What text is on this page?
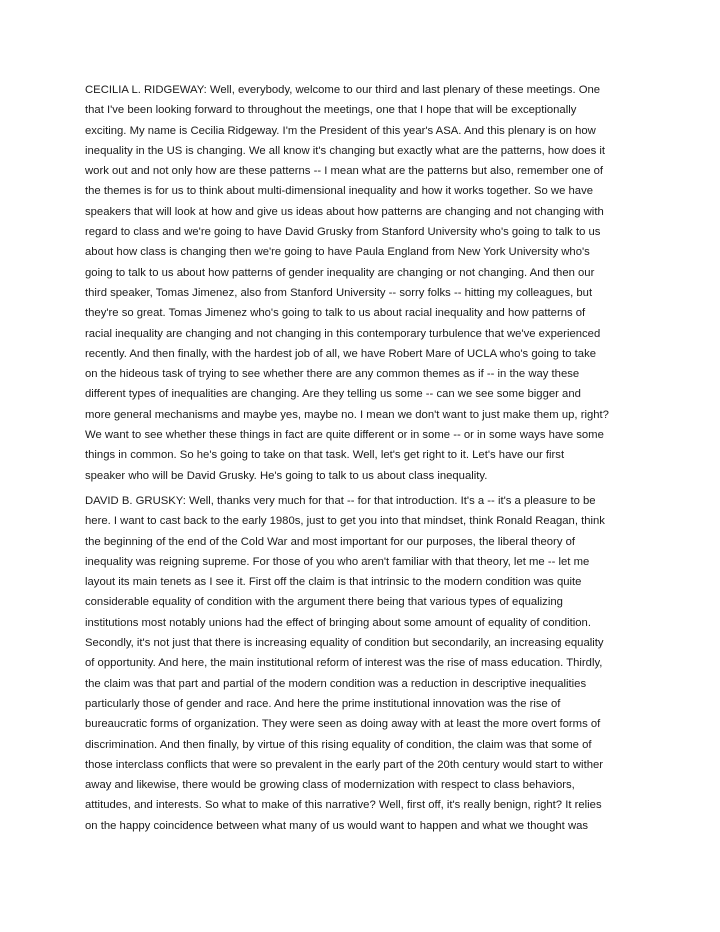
CECILIA L. RIDGEWAY: Well, everybody, welcome to our third and last plenary of these meetings. One
that I've been looking forward to throughout the meetings, one that I hope that will be exceptionally
exciting. My name is Cecilia Ridgeway. I'm the President of this year's ASA. And this plenary is on how
inequality in the US is changing. We all know it's changing but exactly what are the patterns, how does it
work out and not only how are these patterns -- I mean what are the patterns but also, remember one of
the themes is for us to think about multi-dimensional inequality and how it works together. So we have
speakers that will look at how and give us ideas about how patterns are changing and not changing with
regard to class and we're going to have David Grusky from Stanford University who's going to talk to us
about how class is changing then we're going to have Paula England from New York University who's
going to talk to us about how patterns of gender inequality are changing or not changing. And then our
third speaker, Tomas Jimenez, also from Stanford University -- sorry folks -- hitting my colleagues, but
they're so great. Tomas Jimenez who's going to talk to us about racial inequality and how patterns of
racial inequality are changing and not changing in this contemporary turbulence that we've experienced
recently. And then finally, with the hardest job of all, we have Robert Mare of UCLA who's going to take
on the hideous task of trying to see whether there are any common themes as if -- in the way these
different types of inequalities are changing. Are they telling us some -- can we see some bigger and
more general mechanisms and maybe yes, maybe no. I mean we don't want to just make them up, right?
We want to see whether these things in fact are quite different or in some -- or in some ways have some
things in common. So he's going to take on that task. Well, let's get right to it. Let's have our first
speaker who will be David Grusky. He's going to talk to us about class inequality.
DAVID B. GRUSKY: Well, thanks very much for that -- for that introduction. It's a -- it's a pleasure to be
here. I want to cast back to the early 1980s, just to get you into that mindset, think Ronald Reagan, think
the beginning of the end of the Cold War and most important for our purposes, the liberal theory of
inequality was reigning supreme. For those of you who aren't familiar with that theory, let me -- let me
layout its main tenets as I see it. First off the claim is that intrinsic to the modern condition was quite
considerable equality of condition with the argument there being that various types of equalizing
institutions most notably unions had the effect of bringing about some amount of equality of condition.
Secondly, it's not just that there is increasing equality of condition but secondarily, an increasing equality
of opportunity. And here, the main institutional reform of interest was the rise of mass education. Thirdly,
the claim was that part and partial of the modern condition was a reduction in descriptive inequalities
particularly those of gender and race. And here the prime institutional innovation was the rise of
bureaucratic forms of organization. They were seen as doing away with at least the more overt forms of
discrimination. And then finally, by virtue of this rising equality of condition, the claim was that some of
those interclass conflicts that were so prevalent in the early part of the 20th century would start to wither
away and likewise, there would be growing class of modernization with respect to class behaviors,
attitudes, and interests. So what to make of this narrative? Well, first off, it's really benign, right? It relies
on the happy coincidence between what many of us would want to happen and what we thought was
